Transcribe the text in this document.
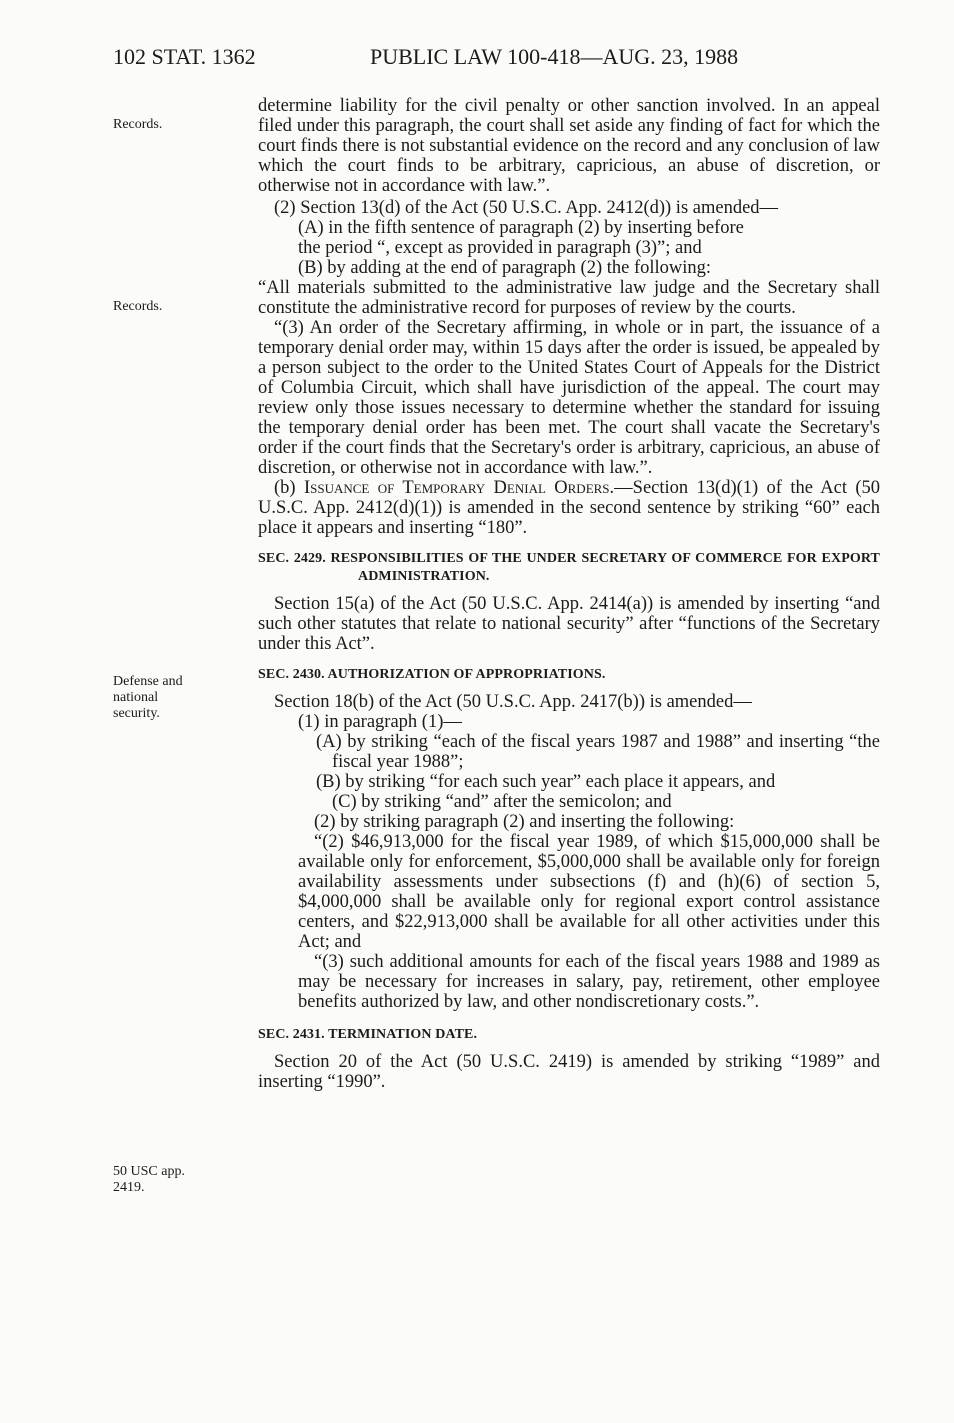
102 STAT. 1362	PUBLIC LAW 100-418—AUG. 23, 1988
Records.
Records.
Defense and
national
security.
50 USC app.
2419.

determine liability for the civil penalty or other sanction involved. In an appeal filed under this paragraph, the court shall set aside any finding of fact for which the court finds there is not substantial evidence on the record and any conclusion of law which the court finds to be arbitrary, capricious, an abuse of discretion, or otherwise not in accordance with law.”.

(2) Section 13(d) of the Act (50 U.S.C. App. 2412(d)) is amended—

(A) in the fifth sentence of paragraph (2) by inserting before
the period “, except as provided in paragraph (3)”; and

(B) by adding at the end of paragraph (2) the following:

“All materials submitted to the administrative law judge and the Secretary shall constitute the administrative record for purposes of review by the courts.

“(3) An order of the Secretary affirming, in whole or in part, the issuance of a temporary denial order may, within 15 days after the order is issued, be appealed by a person subject to the order to the United States Court of Appeals for the District of Columbia Circuit, which shall have jurisdiction of the appeal. The court may review only those issues necessary to determine whether the standard for issuing the temporary denial order has been met. The court shall vacate the Secretary's order if the court finds that the Secretary's order is arbitrary, capricious, an abuse of discretion, or otherwise not in accordance with law.”.

(b) Issuance of Temporary Denial Orders.—Section 13(d)(1) of the Act (50 U.S.C. App. 2412(d)(1)) is amended in the second sentence by striking “60” each place it appears and inserting “180”.

SEC. 2429. RESPONSIBILITIES OF THE UNDER SECRETARY OF COMMERCE FOR EXPORT ADMINISTRATION.

Section 15(a) of the Act (50 U.S.C. App. 2414(a)) is amended by inserting “and such other statutes that relate to national security” after “functions of the Secretary under this Act”.

SEC. 2430. AUTHORIZATION OF APPROPRIATIONS.

Section 18(b) of the Act (50 U.S.C. App. 2417(b)) is amended—

(1) in paragraph (1)—

(A) by striking “each of the fiscal years 1987 and 1988” and inserting “the fiscal year 1988”;

(B) by striking “for each such year” each place it appears, and

(C) by striking “and” after the semicolon; and

(2) by striking paragraph (2) and inserting the following:

“(2) $46,913,000 for the fiscal year 1989, of which $15,000,000 shall be available only for enforcement, $5,000,000 shall be available only for foreign availability assessments under subsections (f) and (h)(6) of section 5, $4,000,000 shall be available only for regional export control assistance centers, and $22,913,000 shall be available for all other activities under this Act; and

“(3) such additional amounts for each of the fiscal years 1988 and 1989 as may be necessary for increases in salary, pay, retirement, other employee benefits authorized by law, and other nondiscretionary costs.”.

SEC. 2431. TERMINATION DATE.

Section 20 of the Act (50 U.S.C. 2419) is amended by striking “1989” and inserting “1990”.
